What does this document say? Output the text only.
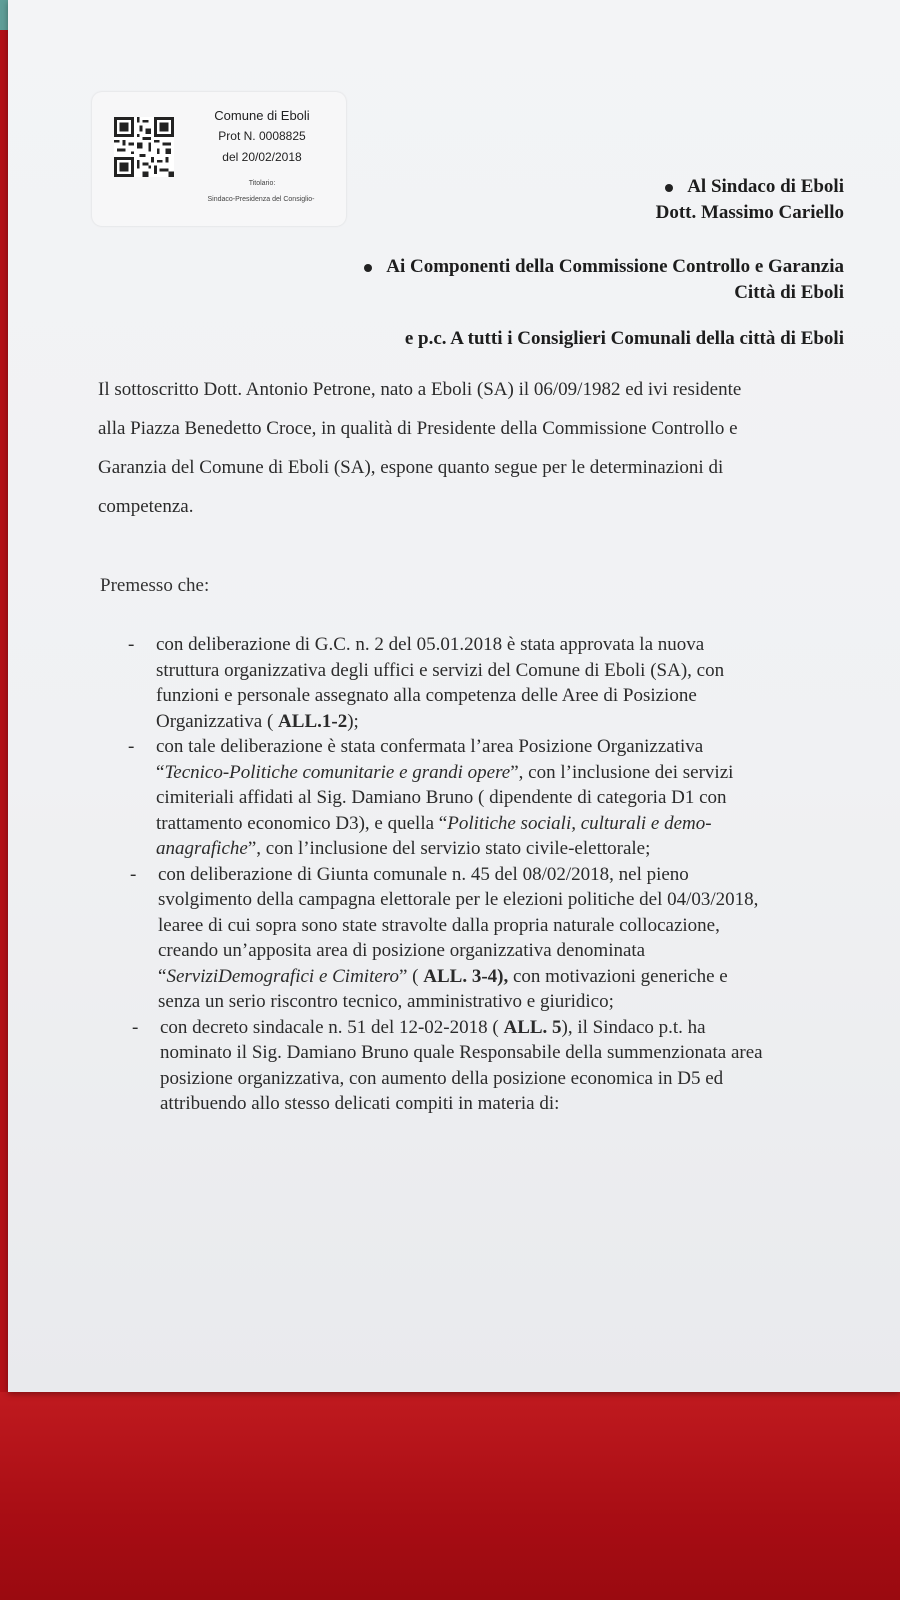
Comune di Eboli
Prot N. 0008825
del 20/02/2018
Titolario:
Sindaco-Presidenza del Consiglio-
Al Sindaco di Eboli
Dott. Massimo Cariello
Ai Componenti della Commissione Controllo e Garanzia
Città di Eboli
e p.c. A tutti i Consiglieri Comunali della città di Eboli
Il sottoscritto Dott. Antonio Petrone, nato a Eboli (SA) il 06/09/1982 ed ivi residente
alla Piazza Benedetto Croce, in qualità di Presidente della Commissione Controllo e
Garanzia del Comune di Eboli (SA), espone quanto segue per le determinazioni di
competenza.
Premesso che:
- con deliberazione di G.C. n. 2 del 05.01.2018 è stata approvata la nuova
struttura organizzativa degli uffici e servizi del Comune di Eboli (SA), con
funzioni e personale assegnato alla competenza delle Aree di Posizione
Organizzativa ( ALL.1-2);
- con tale deliberazione è stata confermata l’area Posizione Organizzativa
“Tecnico-Politiche comunitarie e grandi opere”, con l’inclusione dei servizi
cimiteriali affidati al Sig. Damiano Bruno ( dipendente di categoria D1 con
trattamento economico D3), e quella “Politiche sociali, culturali e demo-
anagrafiche”, con l’inclusione del servizio stato civile-elettorale;
- con deliberazione di Giunta comunale n. 45 del 08/02/2018, nel pieno
svolgimento della campagna elettorale per le elezioni politiche del 04/03/2018,
learee di cui sopra sono state stravolte dalla propria naturale collocazione,
creando un’apposita area di posizione organizzativa denominata
“ServiziDemografici e Cimitero” ( ALL. 3-4), con motivazioni generiche e
senza un serio riscontro tecnico, amministrativo e giuridico;
- con decreto sindacale n. 51 del 12-02-2018 ( ALL. 5), il Sindaco p.t. ha
nominato il Sig. Damiano Bruno quale Responsabile della summenzionata area
posizione organizzativa, con aumento della posizione economica in D5 ed
attribuendo allo stesso delicati compiti in materia di:
